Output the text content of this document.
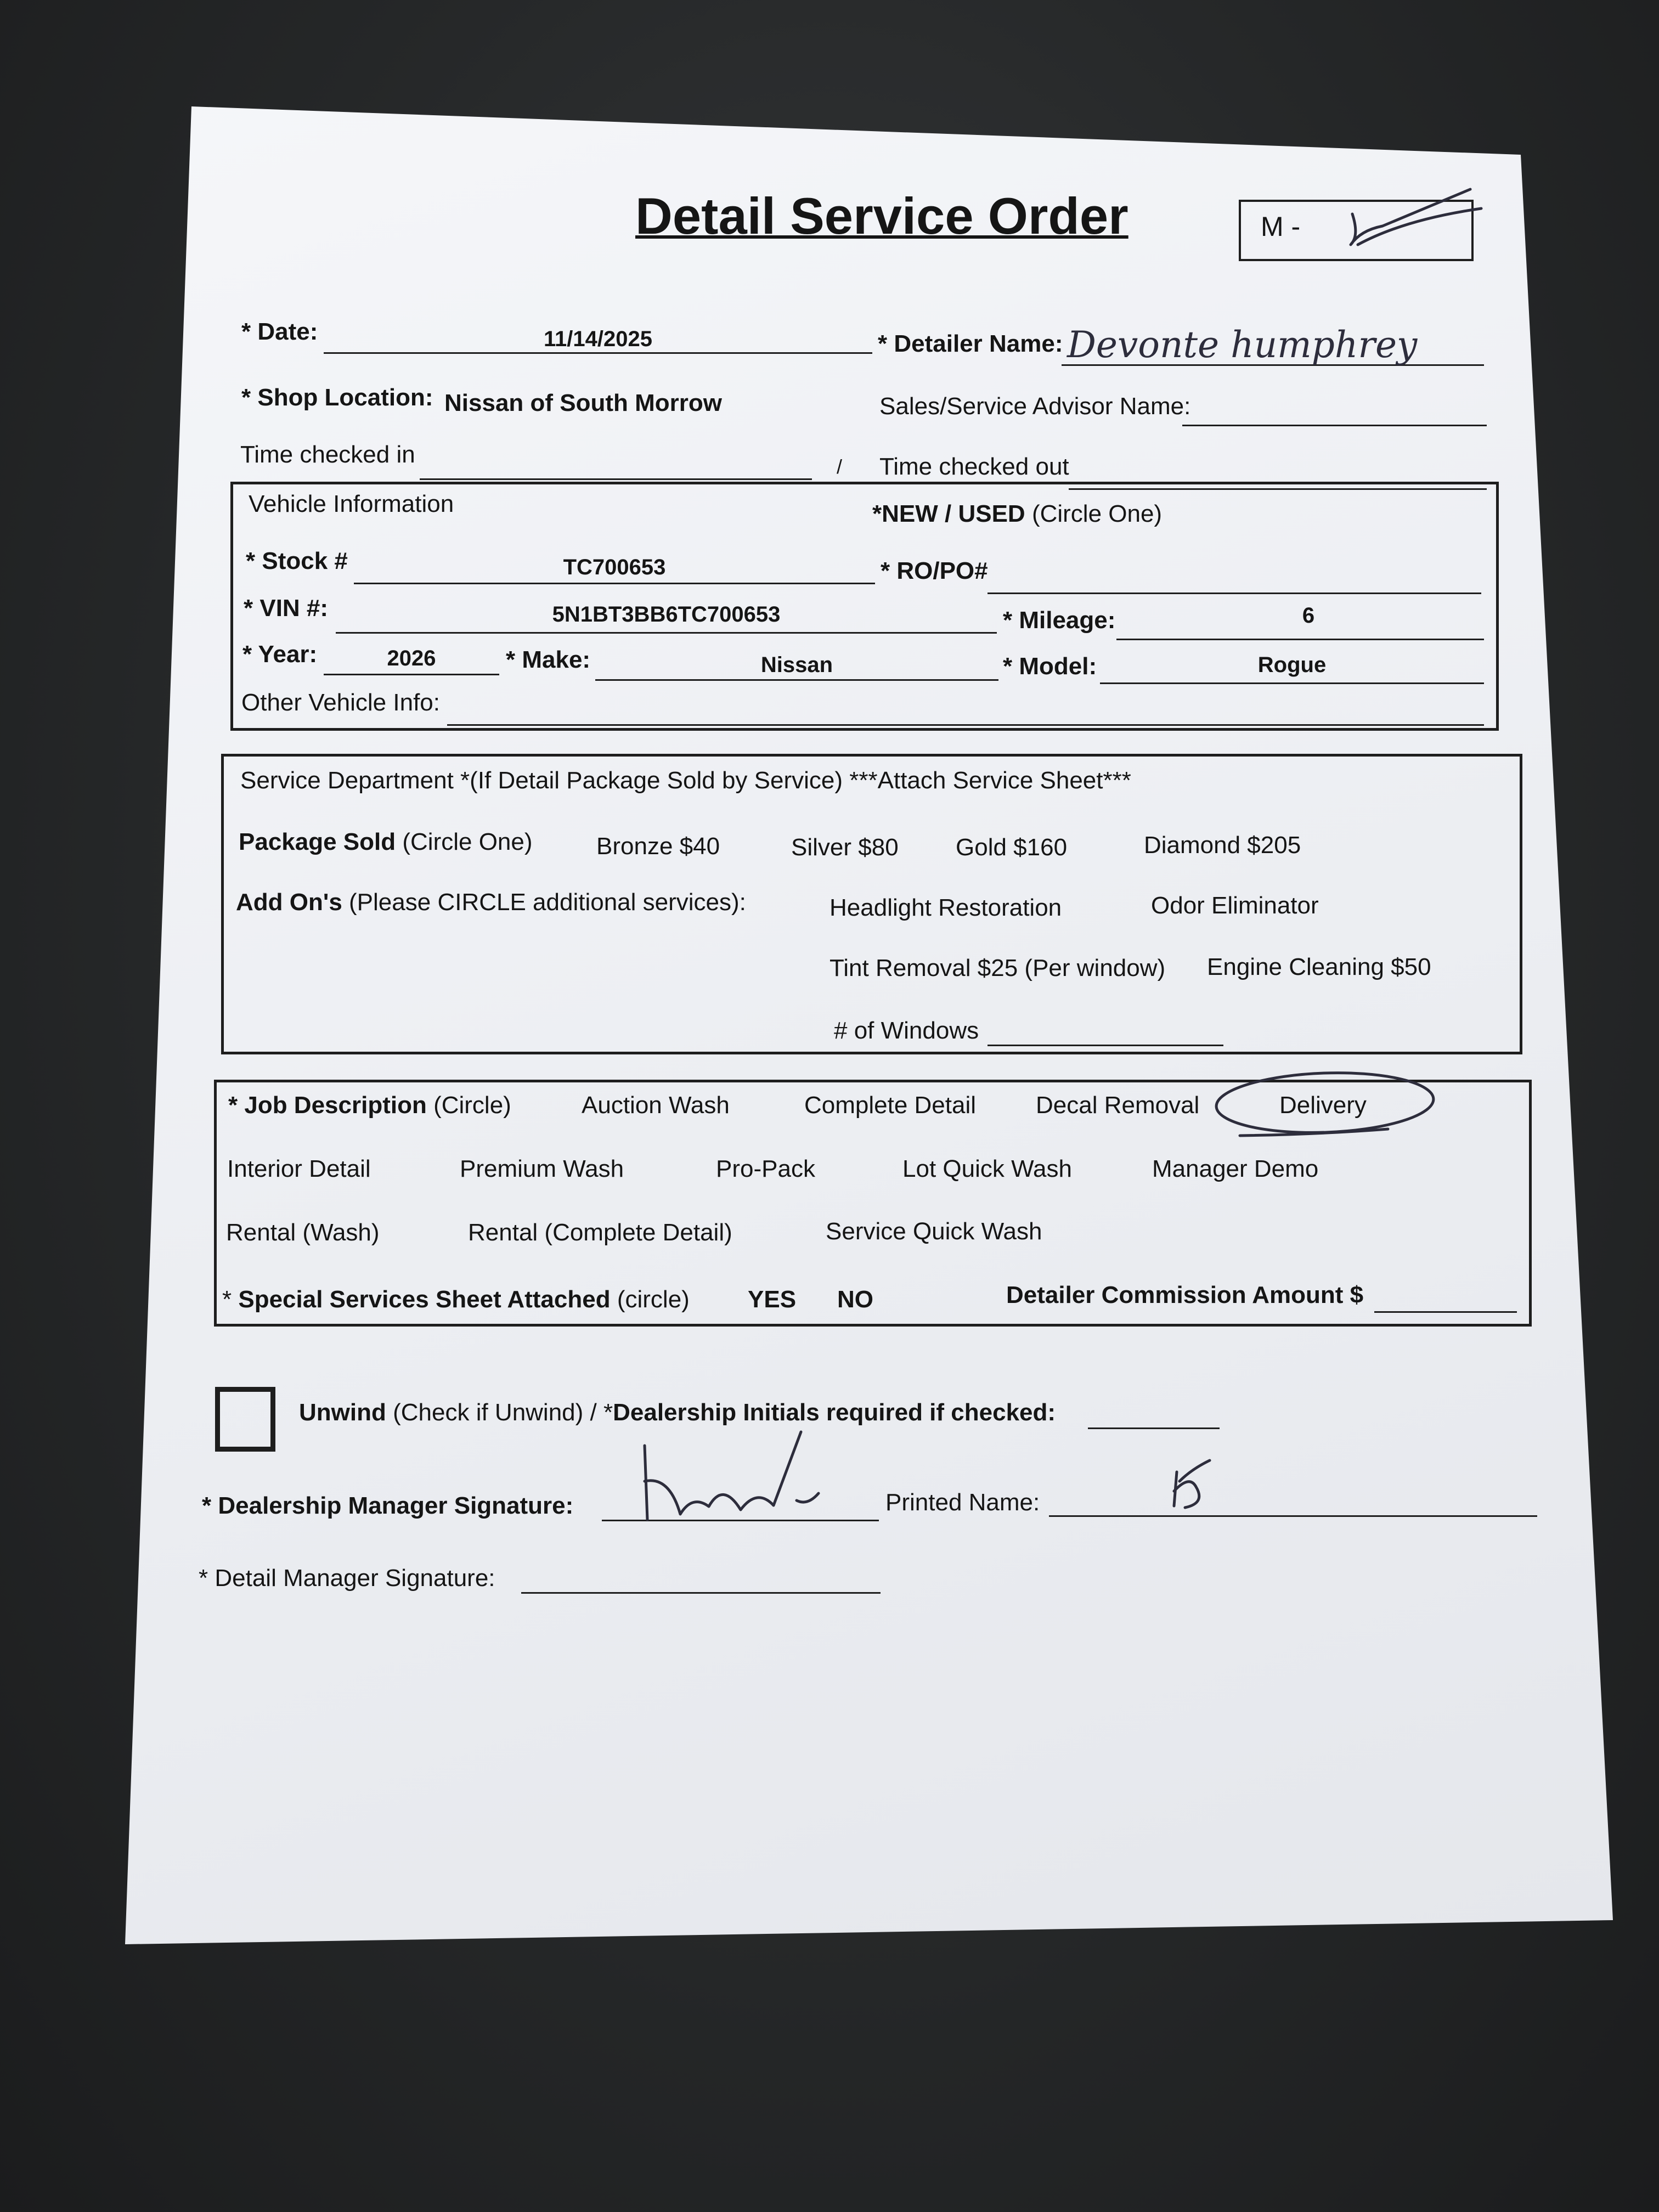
Detail Service Order	M -
* Date:	11/14/2025	* Detailer Name: Devonte humphrey
* Shop Location: Nissan of South Morrow	Sales/Service Advisor Name:
Time checked in	/ Time checked out
Vehicle Information	*NEW / USED (Circle One)
* Stock #	TC700653	* RO/PO#
* VIN #:	5N1BT3BB6TC700653	* Mileage:	6
* Year:	2026	* Make:	Nissan	* Model:	Rogue
Other Vehicle Info:
Service Department *(If Detail Package Sold by Service) ***Attach Service Sheet***
Package Sold (Circle One)	Bronze $40	Silver $80 Gold $160	Diamond $205
Add On's (Please CIRCLE additional services):	Headlight Restoration	Odor Eliminator
Tint Removal $25 (Per window) Engine Cleaning $50
# of Windows
* Job Description (Circle)	Auction Wash	Complete Detail Decal Removal	Delivery
Interior Detail	Premium Wash	Pro-Pack	Lot Quick Wash	Manager Demo
Rental (Wash)	Rental (Complete Detail)	Service Quick Wash
* Special Services Sheet Attached (circle) YES NO	Detailer Commission Amount $
Unwind (Check if Unwind) / *Dealership Initials required if checked:
* Dealership Manager Signature:	Printed Name:
* Detail Manager Signature:
